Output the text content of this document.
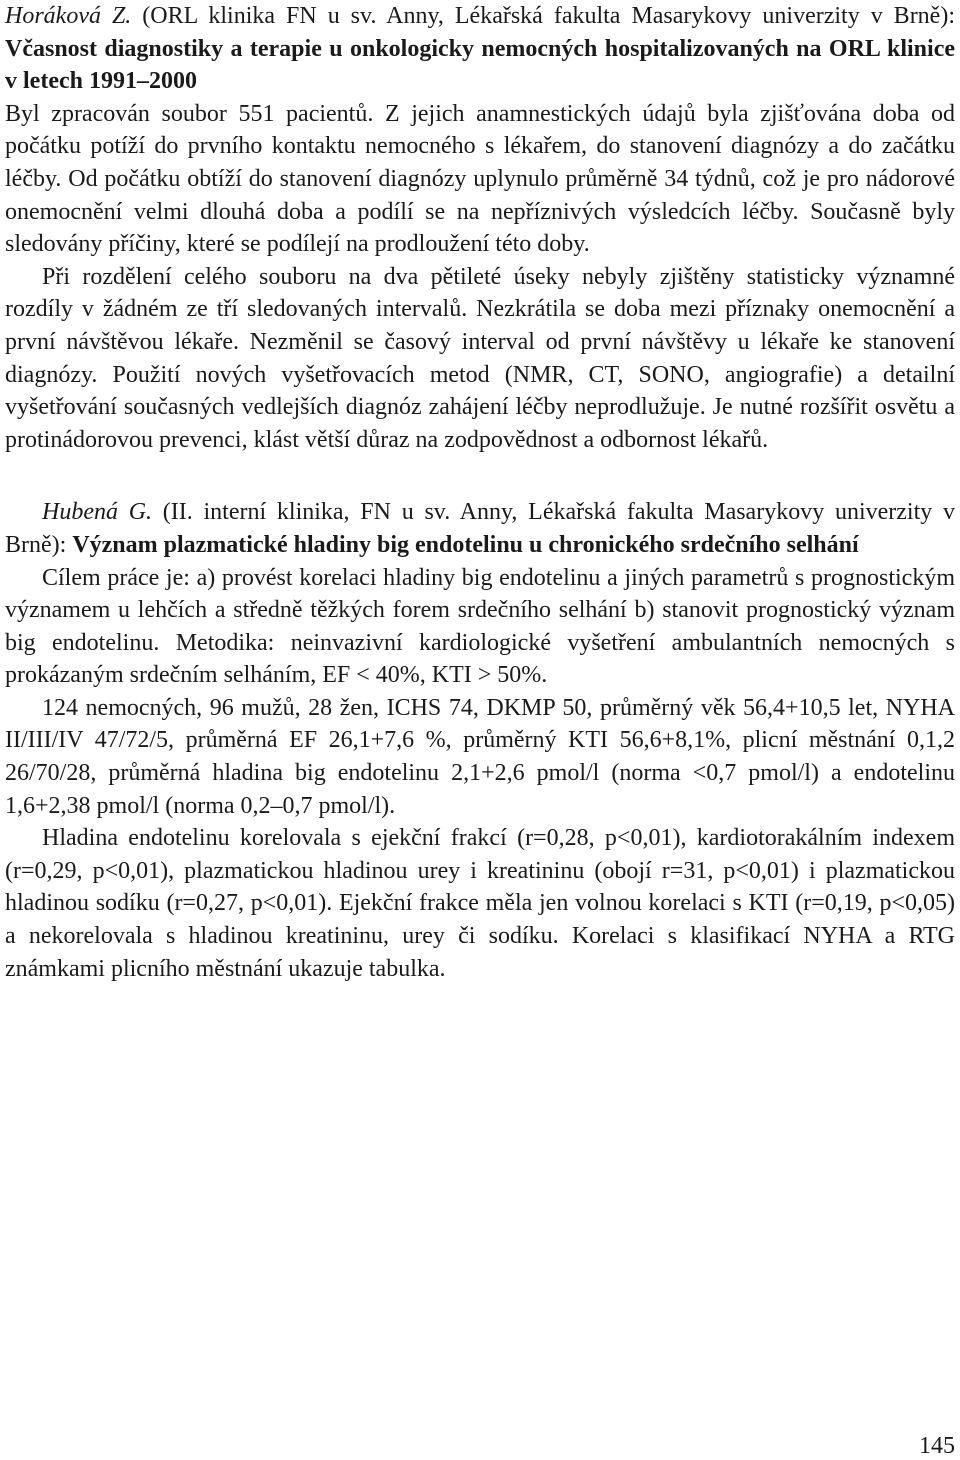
Horáková Z. (ORL klinika FN u sv. Anny, Lékařská fakulta Masarykovy univerzity v Brně): Včasnost diagnostiky a terapie u onkologicky nemocných hospitalizovaných na ORL klinice v letech 1991–2000

Byl zpracován soubor 551 pacientů. Z jejich anamnestických údajů byla zjišťována doba od počátku potíží do prvního kontaktu nemocného s lékařem, do stanovení diagnózy a do začátku léčby. Od počátku obtíží do stanovení diagnózy uplynulo průměrně 34 týdnů, což je pro nádorové onemocnění velmi dlouhá doba a podílí se na nepříznivých výsledcích léčby. Současně byly sledovány příčiny, které se podílejí na prodloužení této doby.

Při rozdělení celého souboru na dva pětileté úseky nebyly zjištěny statisticky významné rozdíly v žádném ze tří sledovaných intervalů. Nezkrátila se doba mezi příznaky onemocnění a první návštěvou lékaře. Nezměnil se časový interval od první návštěvy u lékaře ke stanovení diagnózy. Použití nových vyšetřovacích metod (NMR, CT, SONO, angiografie) a detailní vyšetřování současných vedlejších diagnóz zahájení léčby neprodlužuje. Je nutné rozšířit osvětu a protinádorovou prevenci, klást větší důraz na zodpovědnost a odbornost lékařů.

Hubená G. (II. interní klinika, FN u sv. Anny, Lékařská fakulta Masarykovy univerzity v Brně): Význam plazmatické hladiny big endotelinu u chronického srdečního selhání

Cílem práce je: a) provést korelaci hladiny big endotelinu a jiných parametrů s prognostickým významem u lehčích a středně těžkých forem srdečního selhání b) stanovit prognostický význam big endotelinu. Metodika: neinvazivní kardiologické vyšetření ambulantních nemocných s prokázaným srdečním selháním, EF < 40%, KTI > 50%.

124 nemocných, 96 mužů, 28 žen, ICHS 74, DKMP 50, průměrný věk 56,4+10,5 let, NYHA II/III/IV 47/72/5, průměrná EF 26,1+7,6 %, průměrný KTI 56,6+8,1%, plicní městnání 0,1,2 26/70/28, průměrná hladina big endotelinu 2,1+2,6 pmol/l (norma <0,7 pmol/l) a endotelinu 1,6+2,38 pmol/l (norma 0,2–0,7 pmol/l).

Hladina endotelinu korelovala s ejekční frakcí (r=0,28, p<0,01), kardiotorakálním indexem (r=0,29, p<0,01), plazmatickou hladinou urey i kreatininu (obojí r=31, p<0,01) i plazmatickou hladinou sodíku (r=0,27, p<0,01). Ejekční frakce měla jen volnou korelaci s KTI (r=0,19, p<0,05) a nekorelovala s hladinou kreatininu, urey či sodíku. Korelaci s klasifikací NYHA a RTG známkami plicního městnání ukazuje tabulka.

145
